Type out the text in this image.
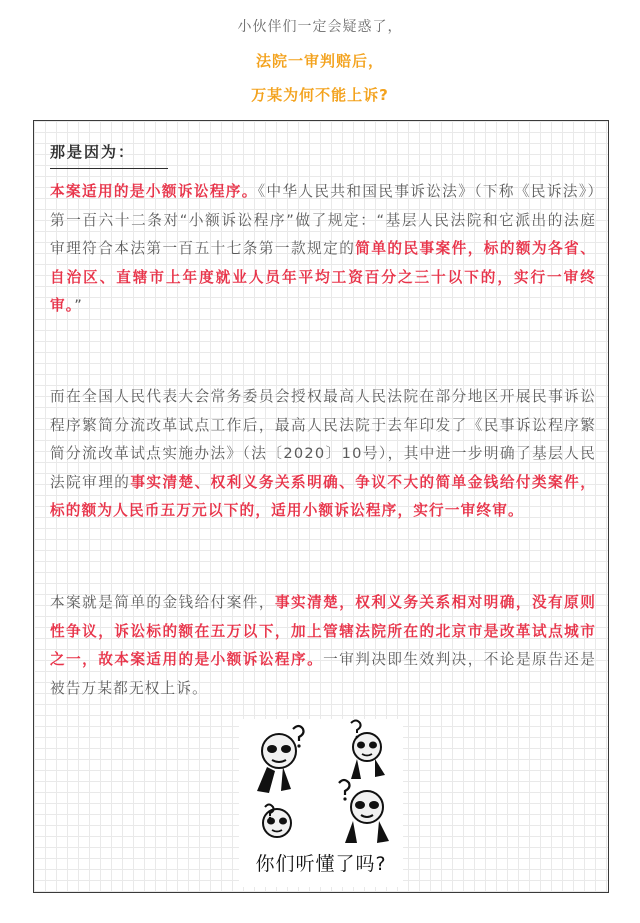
小伙伴们一定会疑惑了，
法院一审判赔后，
万某为何不能上诉?
那是因为：
本案适用的是小额诉讼程序。《中华人民共和国民事诉讼法》（下称《民诉法》）第一百六十二条对“小额诉讼程序”做了规定：“基层人民法院和它派出的法庭审理符合本法第一百五十七条第一款规定的简单的民事案件，标的额为各省、自治区、直辖市上年度就业人员年平均工资百分之三十以下的，实行一审终审。”
而在全国人民代表大会常务委员会授权最高人民法院在部分地区开展民事诉讼程序繁简分流改革试点工作后，最高人民法院于去年印发了《民事诉讼程序繁简分流改革试点实施办法》（法〔2020〕10号），其中进一步明确了基层人民法院审理的事实清楚、权利义务关系明确、争议不大的简单金钱给付类案件，标的额为人民币五万元以下的，适用小额诉讼程序，实行一审终审。
本案就是简单的金钱给付案件，事实清楚，权利义务关系相对明确，没有原则性争议，诉讼标的额在五万以下，加上管辖法院所在的北京市是改革试点城市之一，故本案适用的是小额诉讼程序。一审判决即生效判决，不论是原告还是被告万某都无权上诉。
你们听懂了吗?
